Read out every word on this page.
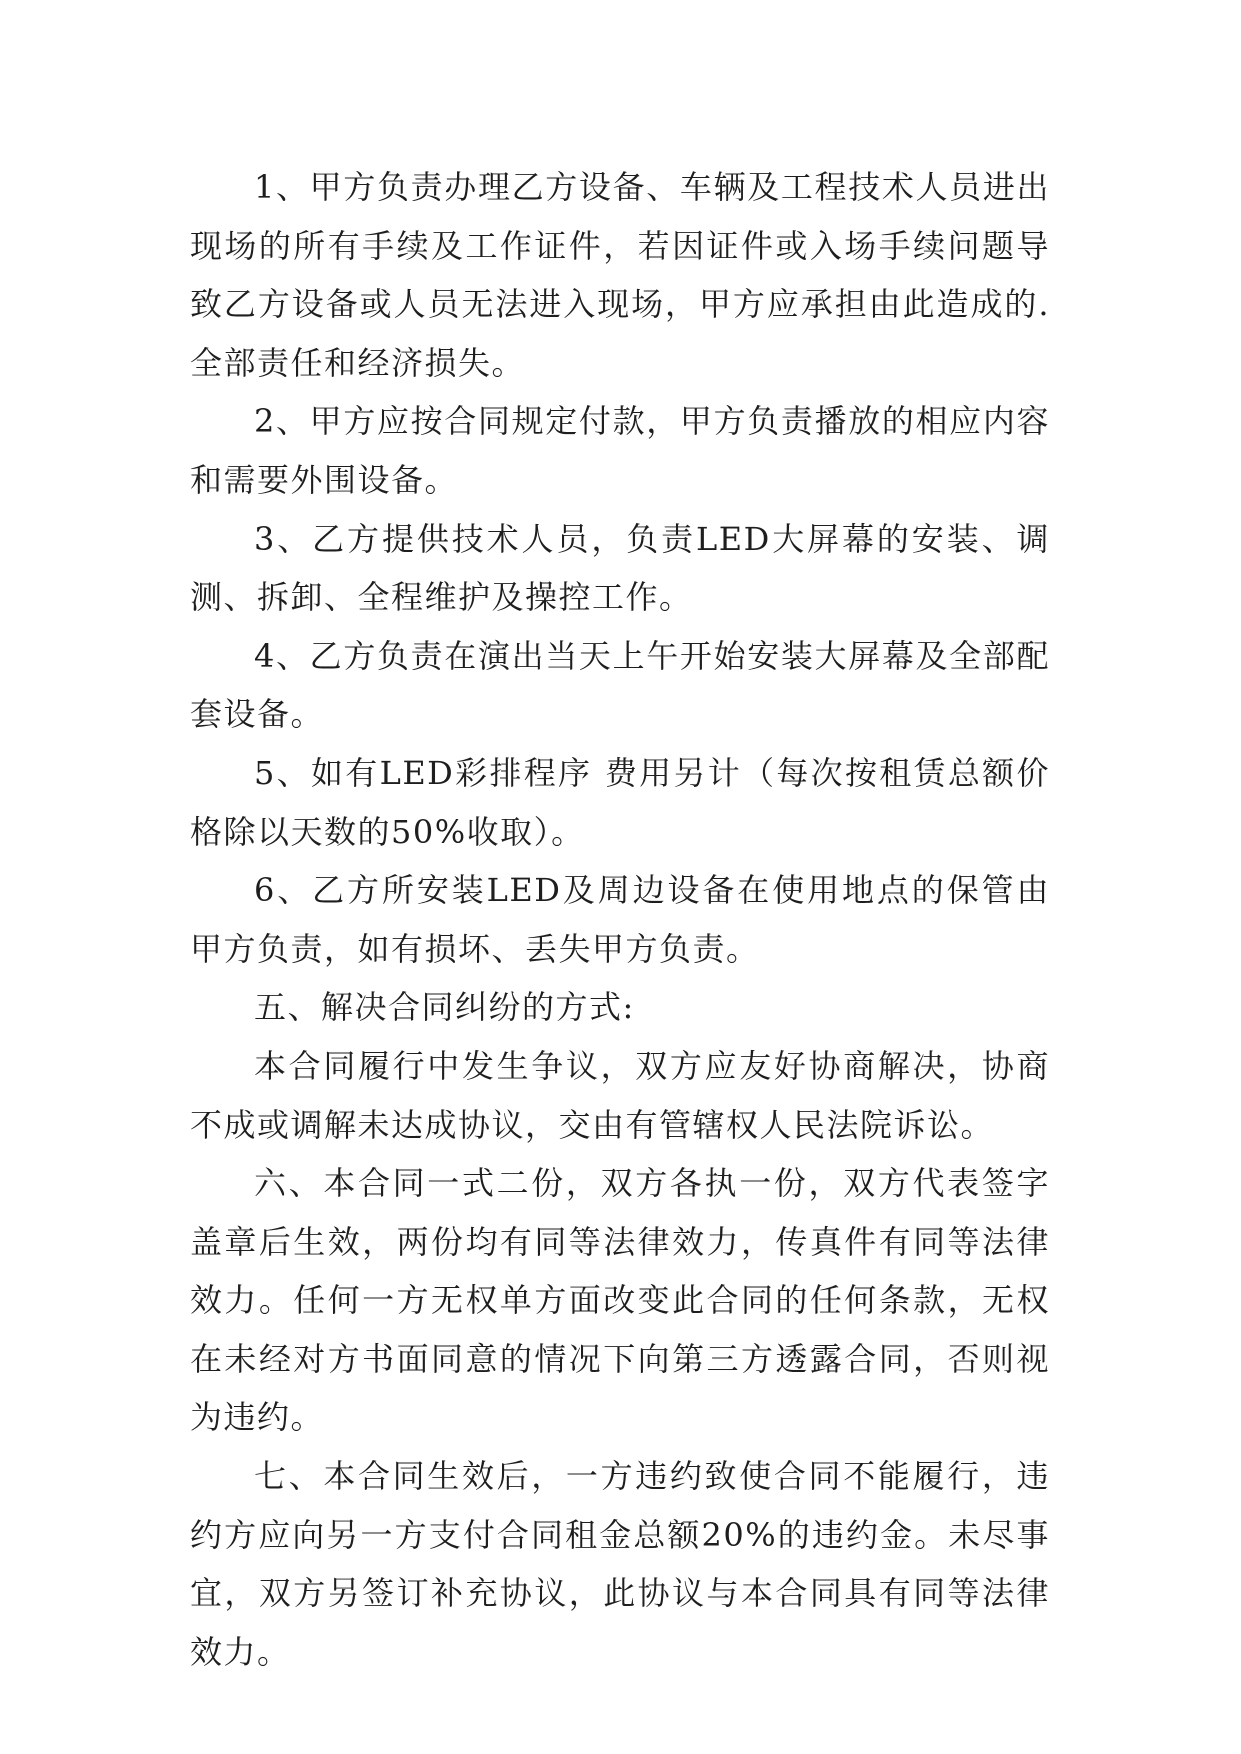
1、甲方负责办理乙方设备、车辆及工程技术人员进出现场的所有手续及工作证件，若因证件或入场手续问题导致乙方设备或人员无法进入现场，甲方应承担由此造成的.全部责任和经济损失。

2、甲方应按合同规定付款，甲方负责播放的相应内容和需要外围设备。

3、乙方提供技术人员，负责LED大屏幕的安装、调测、拆卸、全程维护及操控工作。

4、乙方负责在演出当天上午开始安装大屏幕及全部配套设备。

5、如有LED彩排程序 费用另计（每次按租赁总额价格除以天数的50%收取）。

6、乙方所安装LED及周边设备在使用地点的保管由甲方负责，如有损坏、丢失甲方负责。

五、解决合同纠纷的方式:

本合同履行中发生争议，双方应友好协商解决，协商不成或调解未达成协议，交由有管辖权人民法院诉讼。

六、本合同一式二份，双方各执一份，双方代表签字盖章后生效，两份均有同等法律效力，传真件有同等法律效力。任何一方无权单方面改变此合同的任何条款，无权在未经对方书面同意的情况下向第三方透露合同，否则视为违约。

七、本合同生效后，一方违约致使合同不能履行，违约方应向另一方支付合同租金总额20%的违约金。未尽事宜，双方另签订补充协议，此协议与本合同具有同等法律效力。
